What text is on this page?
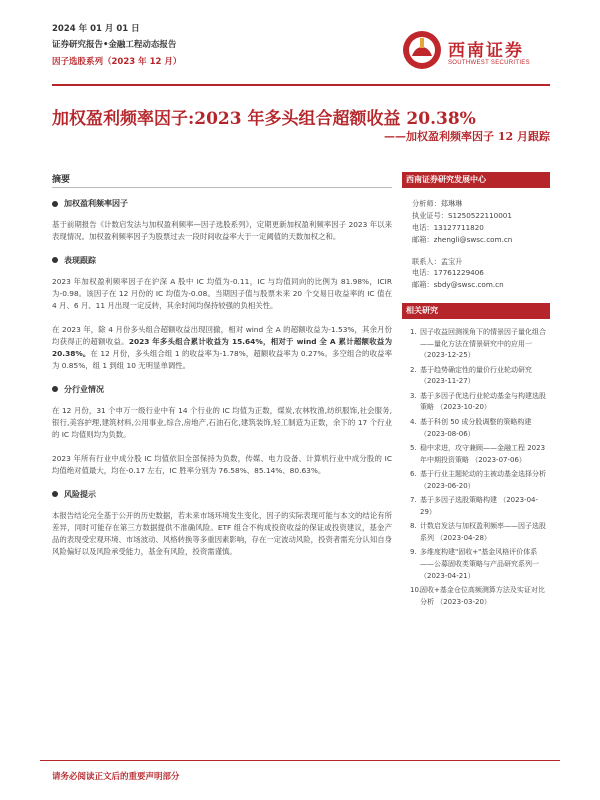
2024 年 01 月 01 日
证券研究报告•金融工程动态报告
因子选股系列（2023 年 12 月）
西南证券
SOUTHWEST SECURITIES
加权盈利频率因子:2023 年多头组合超额收益 20.38%
——加权盈利频率因子 12 月跟踪
摘要
加权盈利频率因子
基于前期报告《计数启发法与加权盈利频率—因子选股系列》，定期更新加权盈利频率因子 2023 年以来表现情况。加权盈利频率因子为股票过去一段时间收益率大于一定阈值的天数加权之和。
表现跟踪
2023 年加权盈利频率因子在沪深 A 股中 IC 均值为-0.11，IC 与均值同向的比例为 81.98%，ICIR 为-0.98。该因子在 12 月份的 IC 均值为-0.08。当期因子值与股票未来 20 个交易日收益率的 IC 值在 4 月、6 月、11 月出现一定反转，其余时间均保持较强的负相关性。
在 2023 年，除 4 月份多头组合超额收益出现回撤，相对 wind 全 A 的超额收益为-1.53%，其余月份均获得正的超额收益。2023 年多头组合累计收益为 15.64%，相对于 wind 全 A 累计超额收益为 20.38%。在 12 月份，多头组合组 1 的收益率为-1.78%，超额收益率为 0.27%。多空组合的收益率为 0.85%，组 1 到组 10 无明显单调性。
分行业情况
在 12 月份，31 个申万一级行业中有 14 个行业的 IC 均值为正数，煤炭,农林牧渔,纺织服饰,社会服务,银行,美容护理,建筑材料,公用事业,综合,房地产,石油石化,建筑装饰,轻工制造为正数，余下的 17 个行业的 IC 均值则均为负数。
2023 年所有行业中成分股 IC 均值依旧全部保持为负数，传媒、电力设备、计算机行业中成分股的 IC 均值绝对值最大，均在-0.17 左右，IC 胜率分别为 76.58%、85.14%、80.63%。
风险提示
本报告结论完全基于公开的历史数据，若未来市场环境发生变化，因子的实际表现可能与本文的结论有所差异，同时可能存在第三方数据提供不准确风险。ETF 组合不构成投资收益的保证或投资建议，基金产品的表现受宏观环境、市场波动、风格转换等多重因素影响，存在一定波动风险，投资者需充分认知自身风险偏好以及风险承受能力，基金有风险，投资需谨慎。
西南证券研究发展中心
分析师：郑琳琳
执业证号：S1250522110001
电话：13127711820
邮箱：zhengli@swsc.com.cn
联系人：孟宝升
电话：17761229406
邮箱：sbdy@swsc.com.cn
相关研究
1. 因子收益回测视角下的情景因子量化组合——量化方法在情景研究中的应用一 （2023-12-25）
2. 基于趋势确定性的量价行业轮动研究 （2023-11-27）
3. 基于多因子优选行业轮动基金与构建选股策略 （2023-10-20）
4. 基于科创 50 成分股调整的策略构建 （2023-08-06）
5. 稳中求进，攻守兼顾——金融工程 2023 年中期投资策略 （2023-07-06）
6. 基于行业主题轮动的主被动基金选择分析 （2023-06-20）
7. 基于多因子选股策略构建 （2023-04-29）
8. 计数启发法与加权盈利频率——因子选股系列 （2023-04-28）
9. 多维度构建"固收+"基金风格评价体系——公募固收类策略与产品研究系列一 （2023-04-21）
10.
固收+基金仓位高频测算方法及实证对比分析 （2023-03-20）
请务必阅读正文后的重要声明部分
